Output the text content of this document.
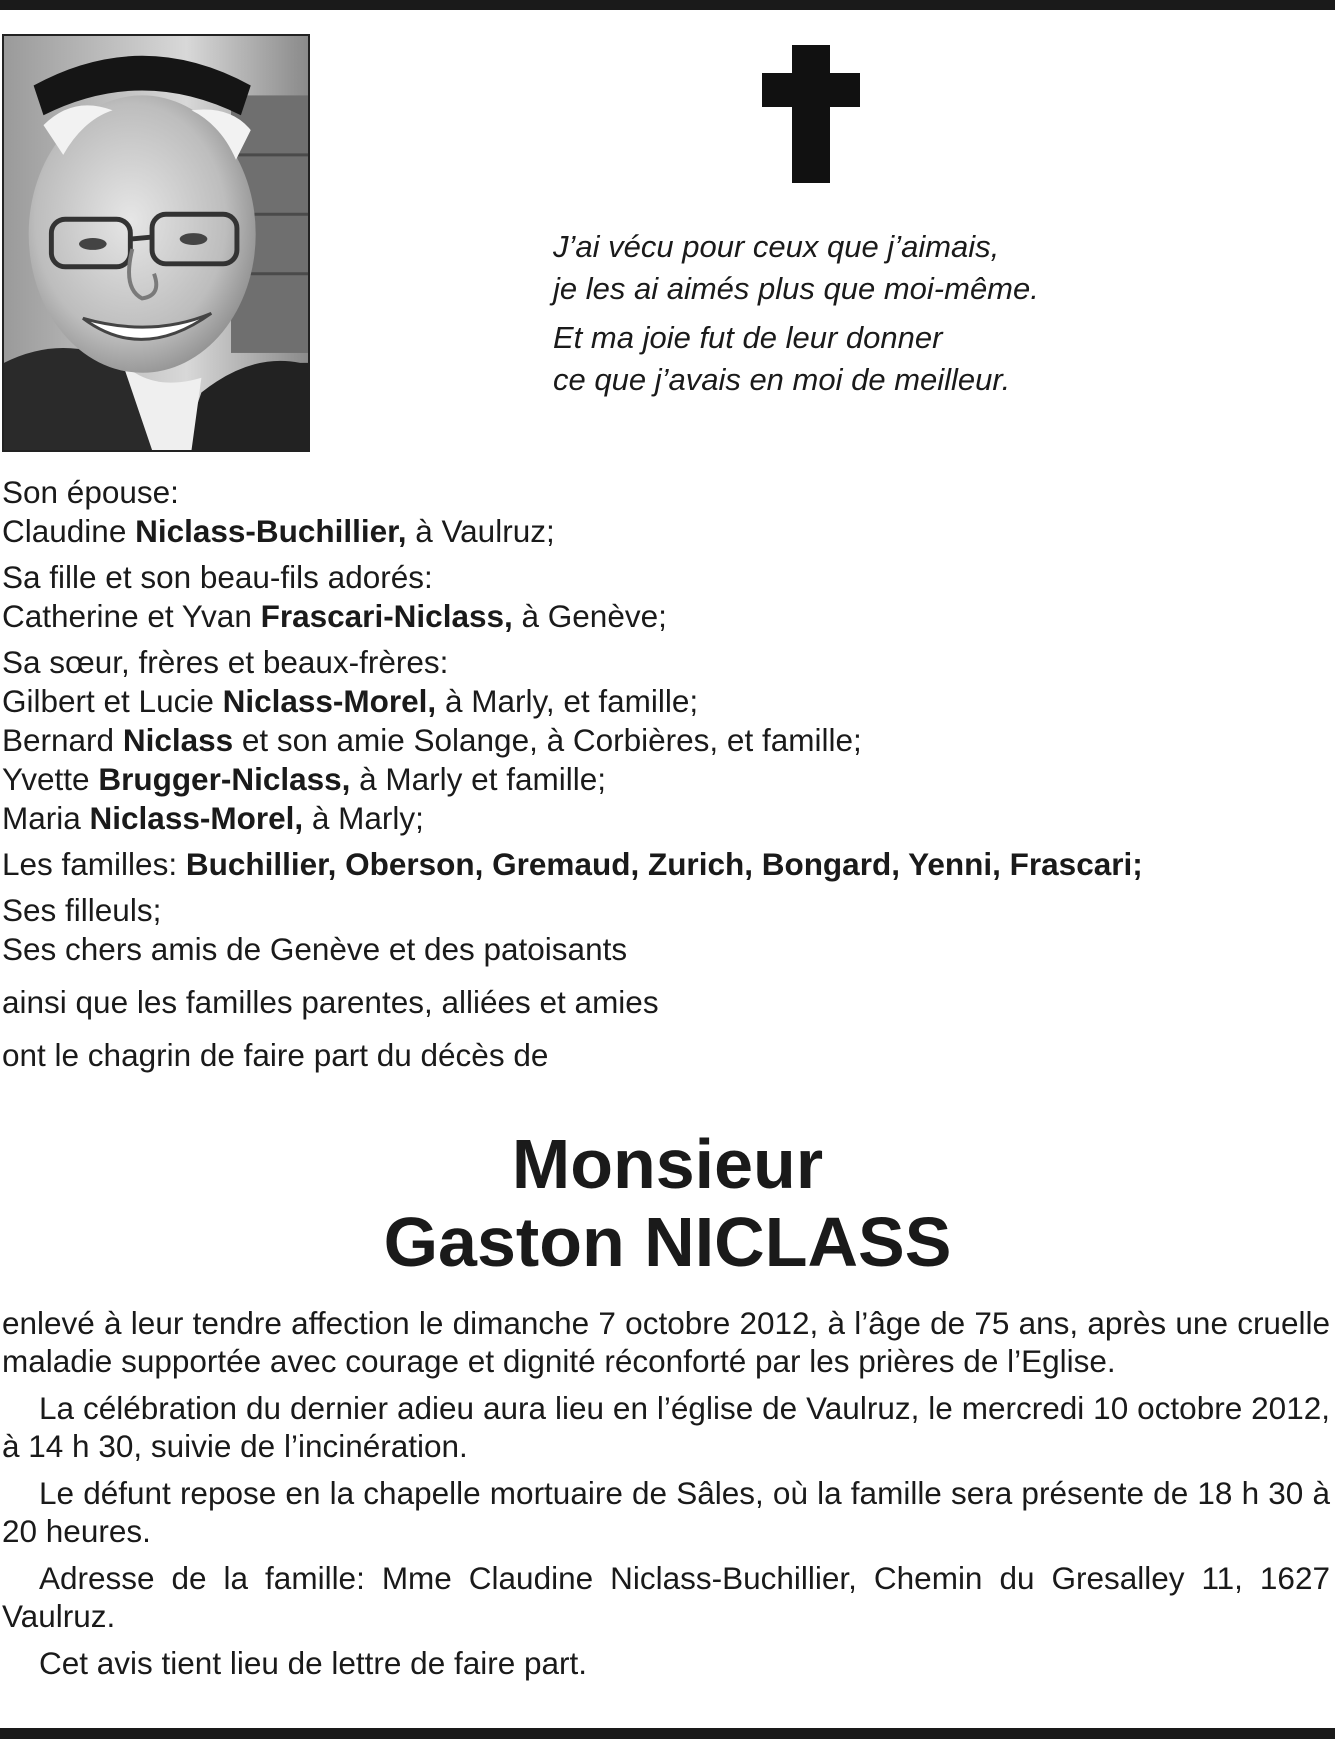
J’ai vécu pour ceux que j’aimais,
je les ai aimés plus que moi-même.
Et ma joie fut de leur donner
ce que j’avais en moi de meilleur.
Son épouse:
Claudine Niclass-Buchillier, à Vaulruz;
Sa fille et son beau-fils adorés:
Catherine et Yvan Frascari-Niclass, à Genève;
Sa sœur, frères et beaux-frères:
Gilbert et Lucie Niclass-Morel, à Marly, et famille;
Bernard Niclass et son amie Solange, à Corbières, et famille;
Yvette Brugger-Niclass, à Marly et famille;
Maria Niclass-Morel, à Marly;
Les familles: Buchillier, Oberson, Gremaud, Zurich, Bongard, Yenni, Frascari;
Ses filleuls;
Ses chers amis de Genève et des patoisants
ainsi que les familles parentes, alliées et amies
ont le chagrin de faire part du décès de
Monsieur
Gaston NICLASS

enlevé à leur tendre affection le dimanche 7 octobre 2012, à l’âge de 75 ans, après une cruelle maladie supportée avec courage et dignité réconforté par les prières de l’Eglise.

La célébration du dernier adieu aura lieu en l’église de Vaulruz, le mercredi 10 octobre 2012, à 14 h 30, suivie de l’incinération.

Le défunt repose en la chapelle mortuaire de Sâles, où la famille sera présente de 18 h 30 à 20 heures.

Adresse de la famille: Mme Claudine Niclass-Buchillier, Chemin du Gresalley 11, 1627 Vaulruz.

Cet avis tient lieu de lettre de faire part.
